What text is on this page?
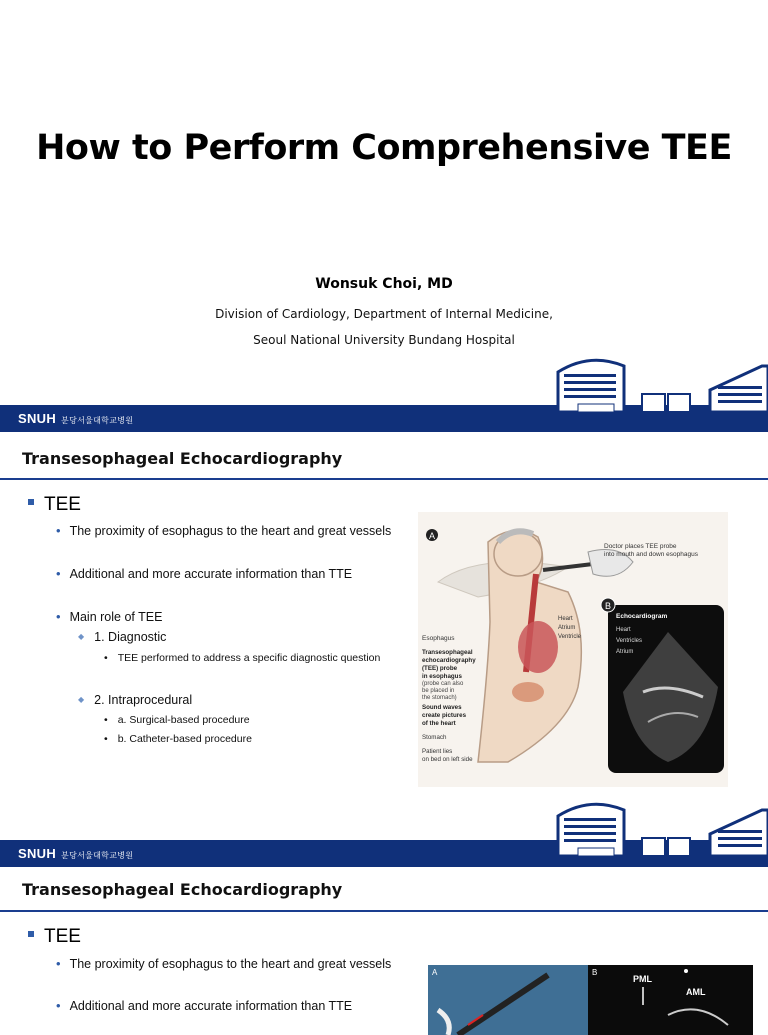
How to Perform Comprehensive TEE
Wonsuk Choi, MD
Division of Cardiology, Department of Internal Medicine,
Seoul National University Bundang Hospital
SNUH 분당서울대학교병원
Transesophageal Echocardiography
TEE
• The proximity of esophagus to the heart and great vessels
• Additional and more accurate information than TTE
• Main role of TEE
◆ 1. Diagnostic
• TEE performed to address a specific diagnostic question
◆ 2. Intraprocedural
• a. Surgical-based procedure
• b. Catheter-based procedure
A
Doctor places TEE probe
into mouth and down esophagus
Heart
Atrium
Ventricle
Esophagus
Transesophageal
echocardiography
(TEE) probe
in esophagus
(probe can also
be placed in
the stomach)
Sound waves
create pictures
of the heart
Stomach
Patient lies
on bed on left side
B
Echocardiogram
Heart
Ventricles
Atrium
SNUH 분당서울대학교병원
Transesophageal Echocardiography
TEE
• The proximity of esophagus to the heart and great vessels
• Additional and more accurate information than TTE
A	B
PML
AML
